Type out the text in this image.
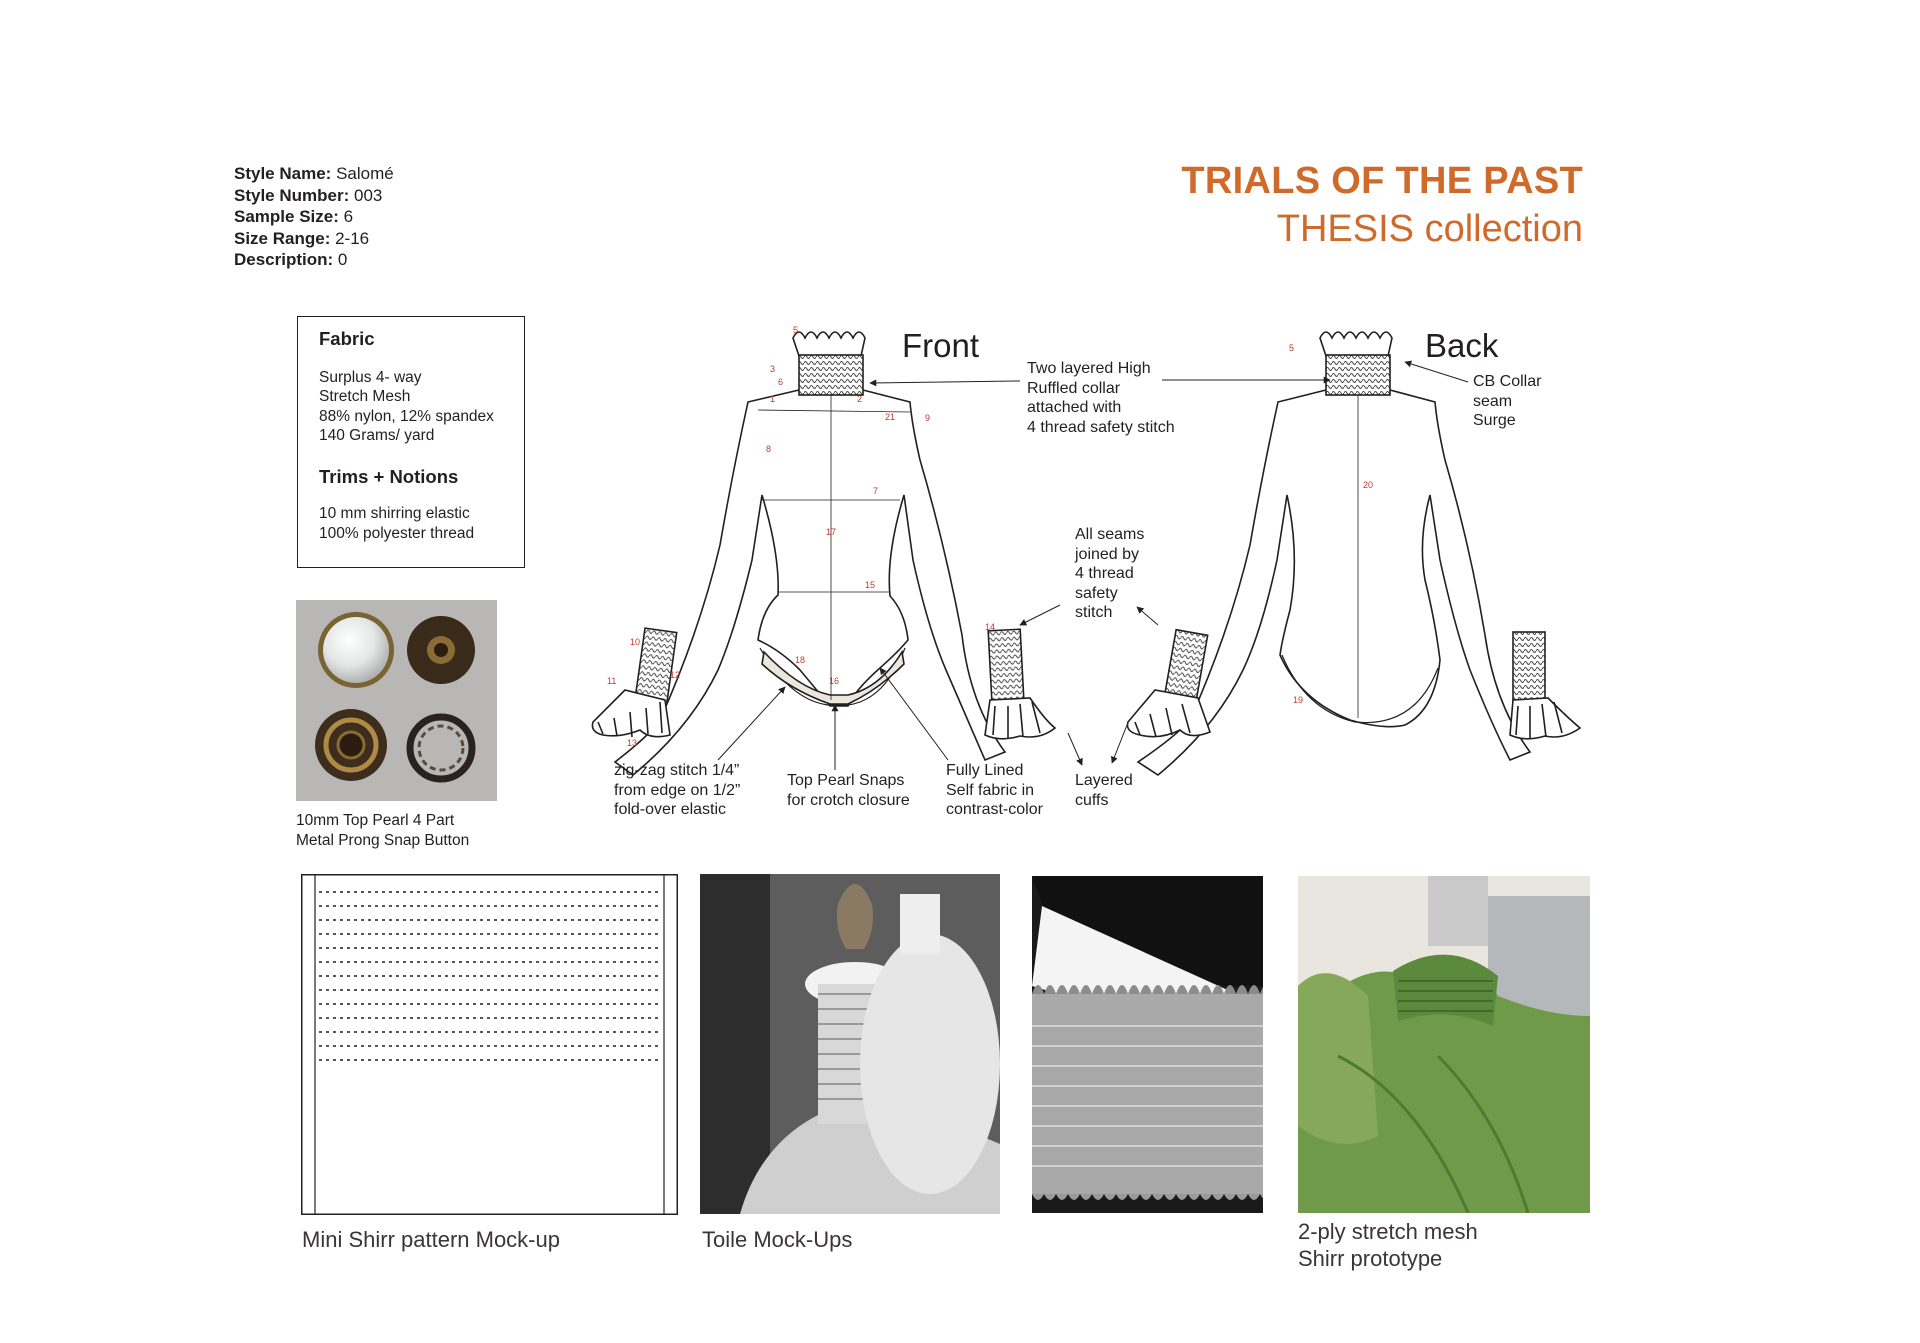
Style Name: Salomé
Style Number: 003
Sample Size: 6
Size Range: 2-16
Description: 0
TRIALS OF THE PAST
THESIS collection
Fabric
Surplus 4- way
Stretch Mesh
88% nylon, 12% spandex
140 Grams/ yard
Trims + Notions
10 mm shirring elastic
100% polyester thread
10mm Top Pearl 4 Part
Metal Prong Snap Button
5
3
6
1	2
21	9
8
7
17
15
14
10
12
11
18
16
13
5
20
19
Front	Back
Two layered High
Ruffled collar
attached with
4 thread safety stitch
CB Collar
seam
Surge
All seams
joined by
4 thread
safety
stitch
zig-zag stitch 1/4”
from edge on 1/2”
fold-over elastic
Top Pearl Snaps
for crotch closure
Fully Lined
Self fabric in
contrast-color
Layered
cuffs
Mini Shirr pattern Mock-up	Toile Mock-Ups	2-ply stretch mesh
Shirr prototype
